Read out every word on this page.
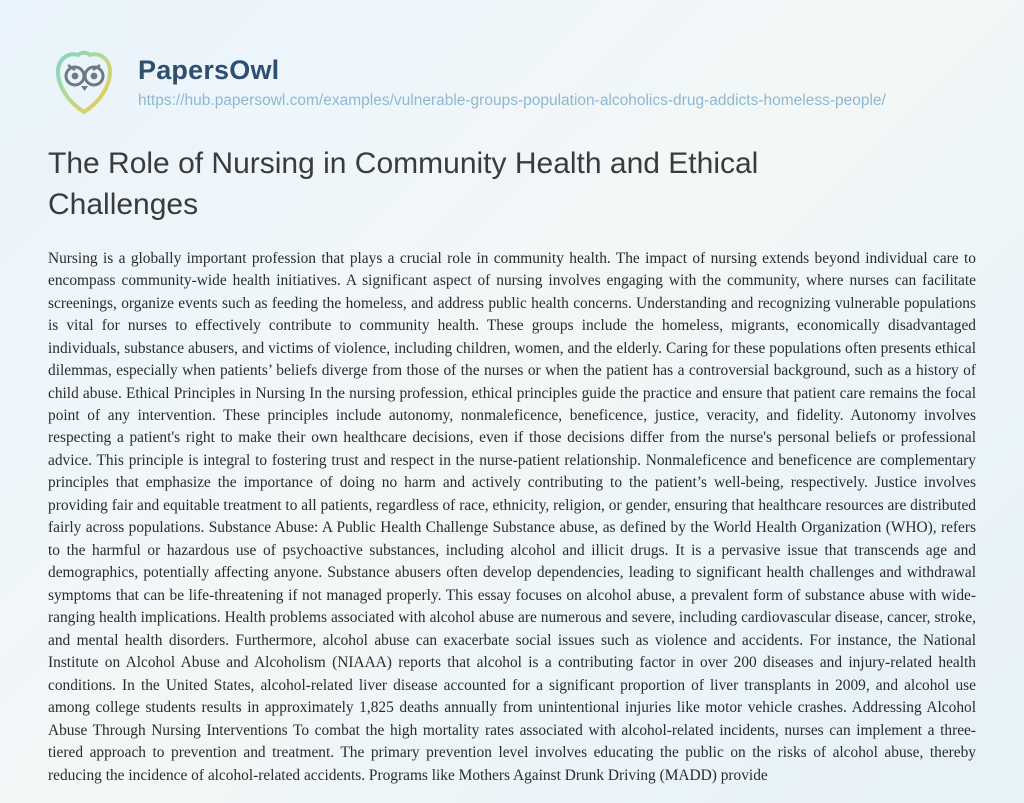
PapersOwl
https://hub.papersowl.com/examples/vulnerable-groups-population-alcoholics-drug-addicts-homeless-people/
The Role of Nursing in Community Health and Ethical Challenges

Nursing is a globally important profession that plays a crucial role in community health. The impact of nursing extends beyond individual care to encompass community-wide health initiatives. A significant aspect of nursing involves engaging with the community, where nurses can facilitate screenings, organize events such as feeding the homeless, and address public health concerns. Understanding and recognizing vulnerable populations is vital for nurses to effectively contribute to community health. These groups include the homeless, migrants, economically disadvantaged individuals, substance abusers, and victims of violence, including children, women, and the elderly. Caring for these populations often presents ethical dilemmas, especially when patients’ beliefs diverge from those of the nurses or when the patient has a controversial background, such as a history of child abuse. Ethical Principles in Nursing In the nursing profession, ethical principles guide the practice and ensure that patient care remains the focal point of any intervention. These principles include autonomy, nonmaleficence, beneficence, justice, veracity, and fidelity. Autonomy involves respecting a patient's right to make their own healthcare decisions, even if those decisions differ from the nurse's personal beliefs or professional advice. This principle is integral to fostering trust and respect in the nurse-patient relationship. Nonmaleficence and beneficence are complementary principles that emphasize the importance of doing no harm and actively contributing to the patient’s well-being, respectively. Justice involves providing fair and equitable treatment to all patients, regardless of race, ethnicity, religion, or gender, ensuring that healthcare resources are distributed fairly across populations. Substance Abuse: A Public Health Challenge Substance abuse, as defined by the World Health Organization (WHO), refers to the harmful or hazardous use of psychoactive substances, including alcohol and illicit drugs. It is a pervasive issue that transcends age and demographics, potentially affecting anyone. Substance abusers often develop dependencies, leading to significant health challenges and withdrawal symptoms that can be life-threatening if not managed properly. This essay focuses on alcohol abuse, a prevalent form of substance abuse with wide-ranging health implications. Health problems associated with alcohol abuse are numerous and severe, including cardiovascular disease, cancer, stroke, and mental health disorders. Furthermore, alcohol abuse can exacerbate social issues such as violence and accidents. For instance, the National Institute on Alcohol Abuse and Alcoholism (NIAAA) reports that alcohol is a contributing factor in over 200 diseases and injury-related health conditions. In the United States, alcohol-related liver disease accounted for a significant proportion of liver transplants in 2009, and alcohol use among college students results in approximately 1,825 deaths annually from unintentional injuries like motor vehicle crashes. Addressing Alcohol Abuse Through Nursing Interventions To combat the high mortality rates associated with alcohol-related incidents, nurses can implement a three-tiered approach to prevention and treatment. The primary prevention level involves educating the public on the risks of alcohol abuse, thereby reducing the incidence of alcohol-related accidents. Programs like Mothers Against Drunk Driving (MADD) provide
